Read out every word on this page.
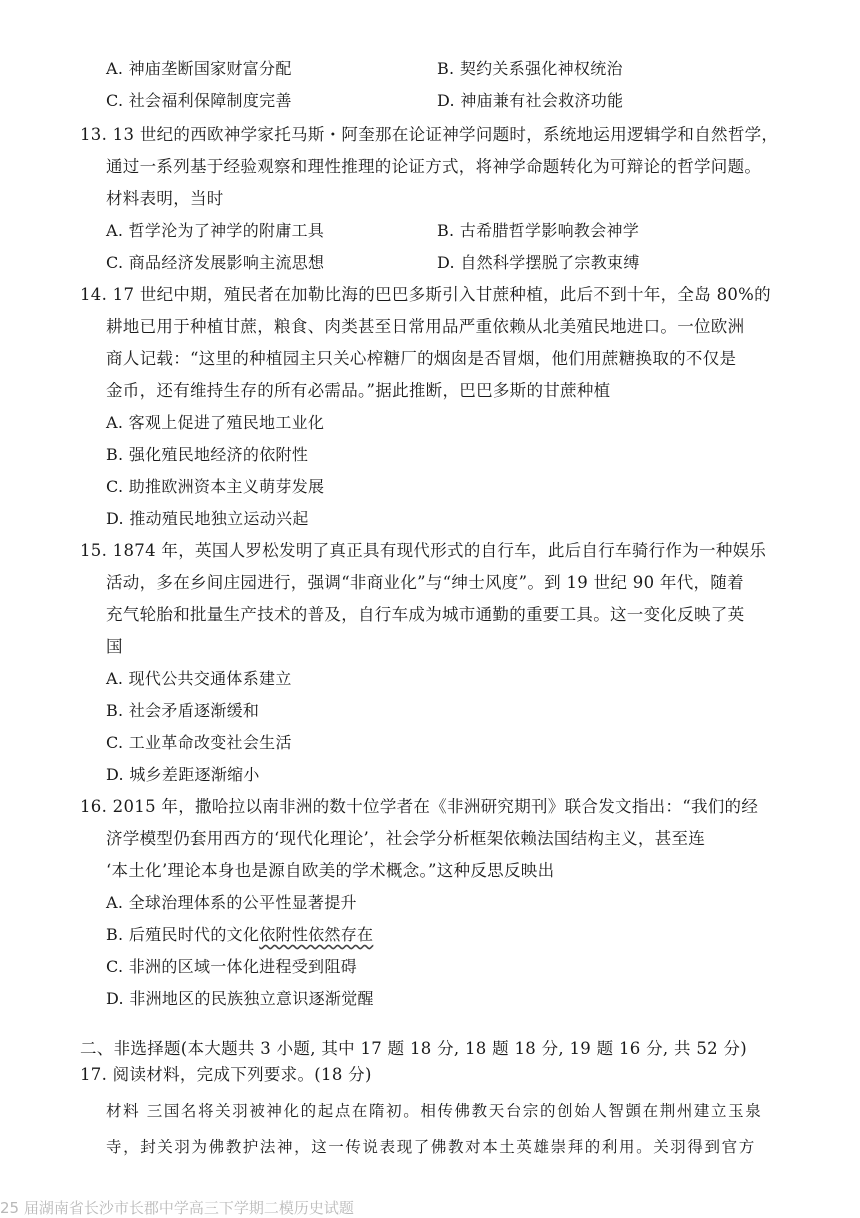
A. 神庙垄断国家财富分配	B. 契约关系强化神权统治
C. 社会福利保障制度完善	D. 神庙兼有社会救济功能
13. 13 世纪的西欧神学家托马斯・阿奎那在论证神学问题时，系统地运用逻辑学和自然哲学，
通过一系列基于经验观察和理性推理的论证方式，将神学命题转化为可辩论的哲学问题。
材料表明，当时
A. 哲学沦为了神学的附庸工具	B. 古希腊哲学影响教会神学
C. 商品经济发展影响主流思想	D. 自然科学摆脱了宗教束缚
14. 17 世纪中期，殖民者在加勒比海的巴巴多斯引入甘蔗种植，此后不到十年，全岛 80%的
耕地已用于种植甘蔗，粮食、肉类甚至日常用品严重依赖从北美殖民地进口。一位欧洲
商人记载：“这里的种植园主只关心榨糖厂的烟囱是否冒烟，他们用蔗糖换取的不仅是
金币，还有维持生存的所有必需品。”据此推断，巴巴多斯的甘蔗种植
A. 客观上促进了殖民地工业化
B. 强化殖民地经济的依附性
C. 助推欧洲资本主义萌芽发展
D. 推动殖民地独立运动兴起
15. 1874 年，英国人罗松发明了真正具有现代形式的自行车，此后自行车骑行作为一种娱乐
活动，多在乡间庄园进行，强调“非商业化”与“绅士风度”。到 19 世纪 90 年代，随着
充气轮胎和批量生产技术的普及，自行车成为城市通勤的重要工具。这一变化反映了英
国
A. 现代公共交通体系建立
B. 社会矛盾逐渐缓和
C. 工业革命改变社会生活
D. 城乡差距逐渐缩小
16. 2015 年，撒哈拉以南非洲的数十位学者在《非洲研究期刊》联合发文指出：“我们的经
济学模型仍套用西方的‘现代化理论’，社会学分析框架依赖法国结构主义，甚至连
‘本土化’理论本身也是源自欧美的学术概念。”这种反思反映出
A. 全球治理体系的公平性显著提升
B. 后殖民时代的文化依附性依然存在
C. 非洲的区域一体化进程受到阻碍
D. 非洲地区的民族独立意识逐渐觉醒
二、非选择题(本大题共 3 小题, 其中 17 题 18 分, 18 题 18 分, 19 题 16 分, 共 52 分)
17. 阅读材料，完成下列要求。(18 分)
材料 三国名将关羽被神化的起点在隋初。相传佛教天台宗的创始人智顗在荆州建立玉泉
寺，封关羽为佛教护法神，这一传说表现了佛教对本土英雄崇拜的利用。关羽得到官方
25 届湖南省长沙市长郡中学高三下学期二模历史试题
